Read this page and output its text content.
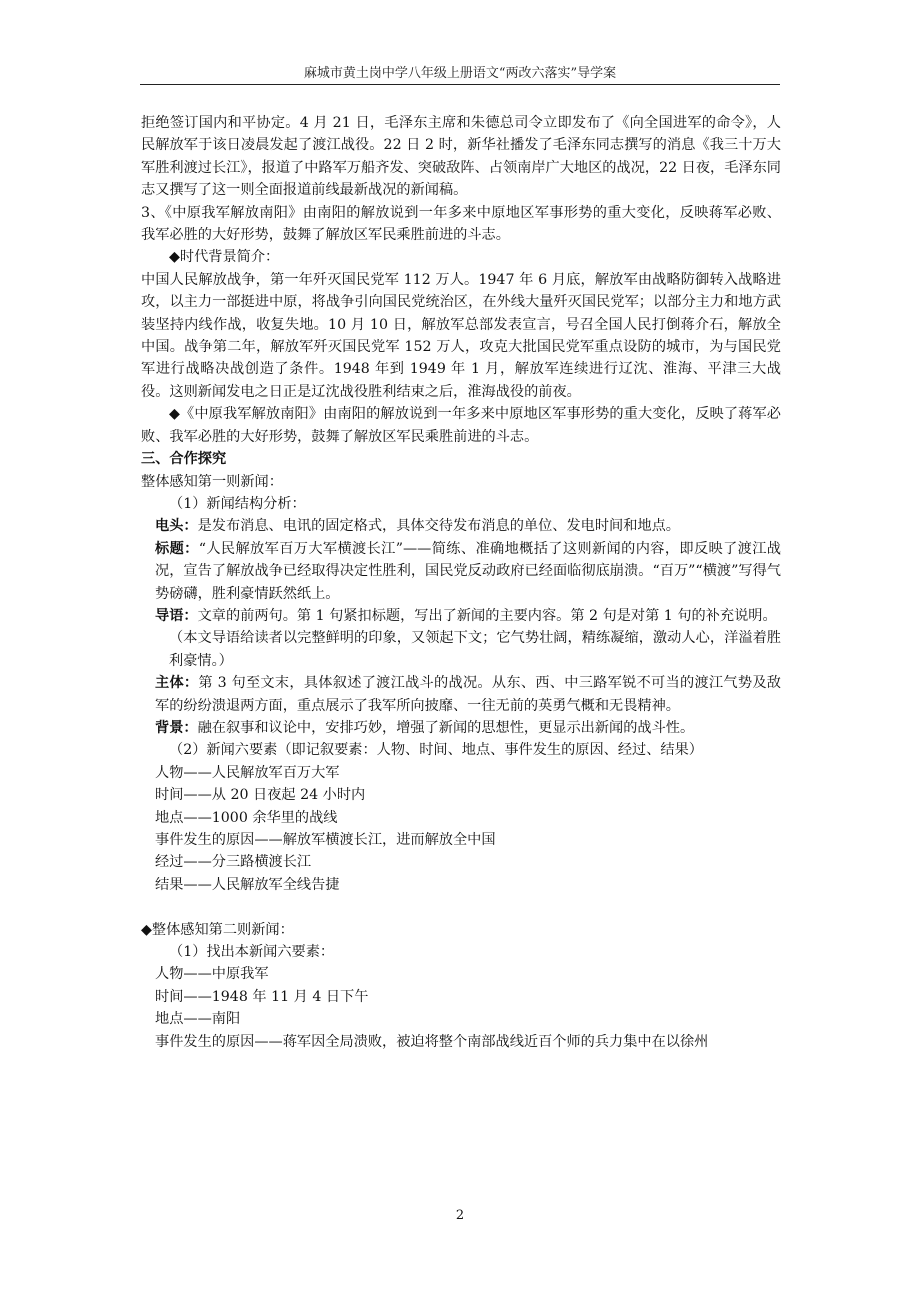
麻城市黄土岗中学八年级上册语文“两改六落实”导学案

拒绝签订国内和平协定。4 月 21 日，毛泽东主席和朱德总司令立即发布了《向全国进军的命令》，人民解放军于该日凌晨发起了渡江战役。22 日 2 时，新华社播发了毛泽东同志撰写的消息《我三十万大军胜利渡过长江》，报道了中路军万船齐发、突破敌阵、占领南岸广大地区的战况，22 日夜，毛泽东同志又撰写了这一则全面报道前线最新战况的新闻稿。

3、《中原我军解放南阳》由南阳的解放说到一年多来中原地区军事形势的重大变化，反映蒋军必败、我军必胜的大好形势，鼓舞了解放区军民乘胜前进的斗志。

◆时代背景简介：

中国人民解放战争，第一年歼灭国民党军 112 万人。1947 年 6 月底，解放军由战略防御转入战略进攻，以主力一部挺进中原，将战争引向国民党统治区，在外线大量歼灭国民党军；以部分主力和地方武装坚持内线作战，收复失地。10 月 10 日，解放军总部发表宣言，号召全国人民打倒蒋介石，解放全中国。战争第二年，解放军歼灭国民党军 152 万人，攻克大批国民党军重点设防的城市，为与国民党军进行战略决战创造了条件。1948 年到 1949 年 1 月，解放军连续进行辽沈、淮海、平津三大战役。这则新闻发电之日正是辽沈战役胜利结束之后，淮海战役的前夜。

◆《中原我军解放南阳》由南阳的解放说到一年多来中原地区军事形势的重大变化，反映了蒋军必败、我军必胜的大好形势，鼓舞了解放区军民乘胜前进的斗志。

三、合作探究

整体感知第一则新闻：

（1）新闻结构分析：

电头：是发布消息、电讯的固定格式，具体交待发布消息的单位、发电时间和地点。

标题：“人民解放军百万大军横渡长江”——简练、准确地概括了这则新闻的内容，即反映了渡江战况，宣告了解放战争已经取得决定性胜利，国民党反动政府已经面临彻底崩溃。“百万”“横渡”写得气势磅礴，胜利豪情跃然纸上。

导语：文章的前两句。第 1 句紧扣标题，写出了新闻的主要内容。第 2 句是对第 1 句的补充说明。

（本文导语给读者以完整鲜明的印象，又领起下文；它气势壮阔，精练凝缩，激动人心，洋溢着胜利豪情。）

主体：第 3 句至文末，具体叙述了渡江战斗的战况。从东、西、中三路军锐不可当的渡江气势及敌军的纷纷溃退两方面，重点展示了我军所向披靡、一往无前的英勇气概和无畏精神。

背景：融在叙事和议论中，安排巧妙，增强了新闻的思想性，更显示出新闻的战斗性。

（2）新闻六要素（即记叙要素：人物、时间、地点、事件发生的原因、经过、结果）

人物——人民解放军百万大军

时间——从 20 日夜起 24 小时内

地点——1000 余华里的战线

事件发生的原因——解放军横渡长江，进而解放全中国

经过——分三路横渡长江

结果——人民解放军全线告捷

◆整体感知第二则新闻：

（1）找出本新闻六要素：

人物——中原我军

时间——1948 年 11 月 4 日下午

地点——南阳

事件发生的原因——蒋军因全局溃败，被迫将整个南部战线近百个师的兵力集中在以徐州

2
